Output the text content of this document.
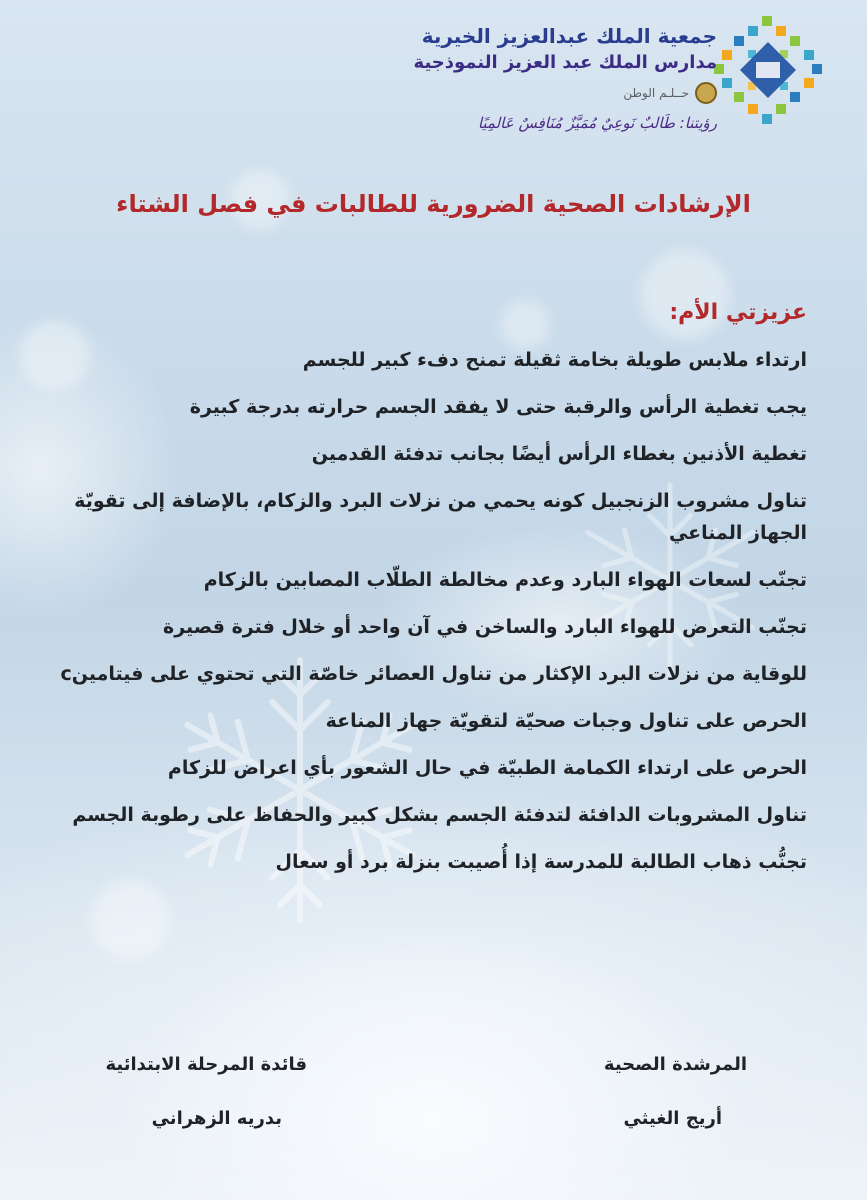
جمعية الملك عبدالعزيز الخيرية
مدارس الملك عبد العزيز النموذجية
حــلـم الوطن
رؤيتنا: طَالبٌ نَوعِيٌ مُمَيَّزٌ مُنَافِسٌ عَالمِيًا
الإرشادات الصحية الضرورية للطالبات في فصل الشتاء
عزيزتي الأم:
ارتداء ملابس طويلة بخامة ثقيلة تمنح دفء كبير للجسم
يجب تغطية الرأس والرقبة حتى لا يفقد الجسم حرارته بدرجة كبيرة
تغطية الأذنين بغطاء الرأس أيضًا بجانب تدفئة القدمين
تناول مشروب الزنجبيل كونه يحمي من نزلات البرد والزكام، بالإضافة إلى تقويّة الجهاز المناعي
تجنّب لسعات الهواء البارد وعدم مخالطة الطلّاب المصابين بالزكام
تجنّب التعرض للهواء البارد والساخن في آن واحد أو خلال فترة قصيرة
للوقاية من نزلات البرد الإكثار من تناول العصائر خاصّة التي تحتوي على فيتامينc
الحرص على تناول وجبات صحيّة لتقويّة جهاز المناعة
الحرص على ارتداء الكمامة الطبيّة في حال الشعور بأي اعراض للزكام
تناول المشروبات الدافئة لتدفئة الجسم بشكل كبير والحفاظ على رطوبة الجسم
تجنُّب ذهاب الطالبة للمدرسة إذا أُصيبت بنزلة برد أو سعال
المرشدة الصحية
أريج الغيثي
قائدة المرحلة الابتدائية
بدريه الزهراني
